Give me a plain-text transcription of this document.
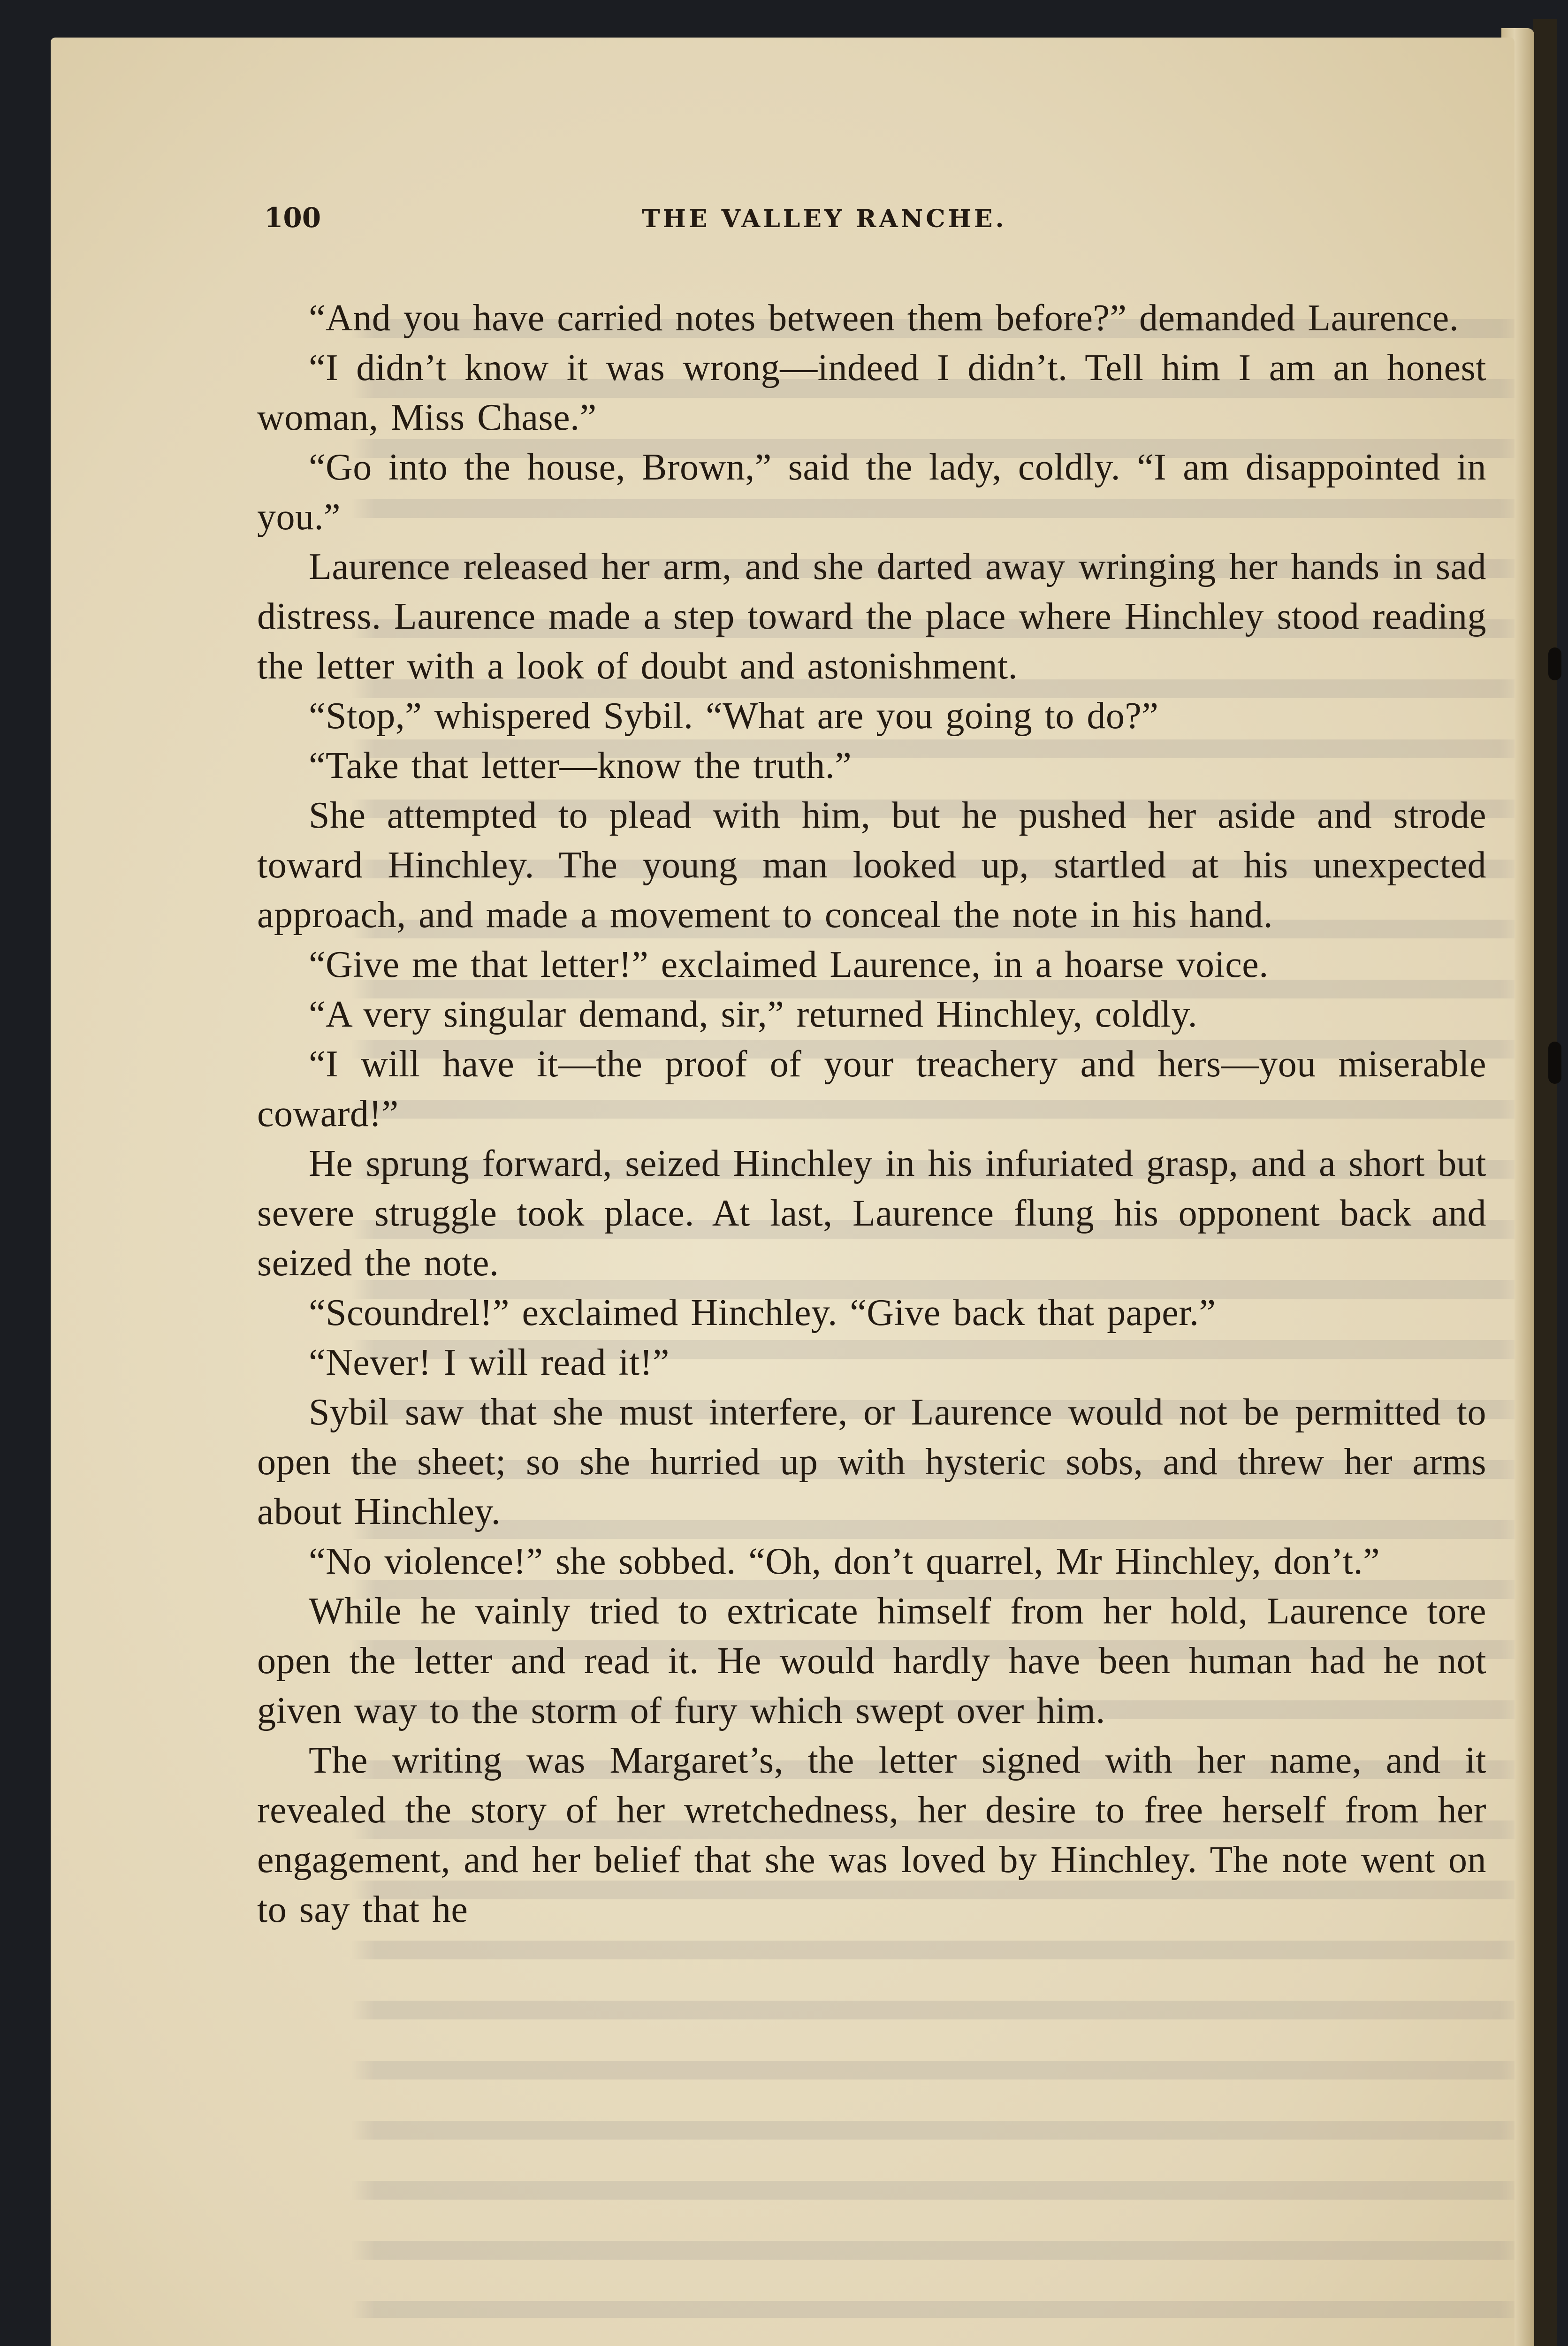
100	THE VALLEY RANCHE.

“And you have carried notes between them before?” demanded Laurence.

“I didn’t know it was wrong—indeed I didn’t. Tell him I am an honest woman, Miss Chase.”

“Go into the house, Brown,” said the lady, coldly. “I am disappointed in you.”

Laurence released her arm, and she darted away wringing her hands in sad distress. Laurence made a step toward the place where Hinchley stood reading the letter with a look of doubt and astonishment.

“Stop,” whispered Sybil. “What are you going to do?”

“Take that letter—know the truth.”

She attempted to plead with him, but he pushed her aside and strode toward Hinchley. The young man looked up, startled at his unexpected approach, and made a movement to conceal the note in his hand.

“Give me that letter!” exclaimed Laurence, in a hoarse voice.

“A very singular demand, sir,” returned Hinchley, coldly.

“I will have it—the proof of your treachery and hers—you miserable coward!”

He sprung forward, seized Hinchley in his infuriated grasp, and a short but severe struggle took place. At last, Laurence flung his opponent back and seized the note.

“Scoundrel!” exclaimed Hinchley. “Give back that paper.”

“Never! I will read it!”

Sybil saw that she must interfere, or Laurence would not be permitted to open the sheet; so she hurried up with hysteric sobs, and threw her arms about Hinchley.

“No violence!” she sobbed. “Oh, don’t quarrel, Mr Hinchley, don’t.”

While he vainly tried to extricate himself from her hold, Laurence tore open the letter and read it. He would hardly have been human had he not given way to the storm of fury which swept over him.

The writing was Margaret’s, the letter signed with her name, and it revealed the story of her wretchedness, her desire to free herself from her engagement, and her belief that she was loved by Hinchley. The note went on to say that he
